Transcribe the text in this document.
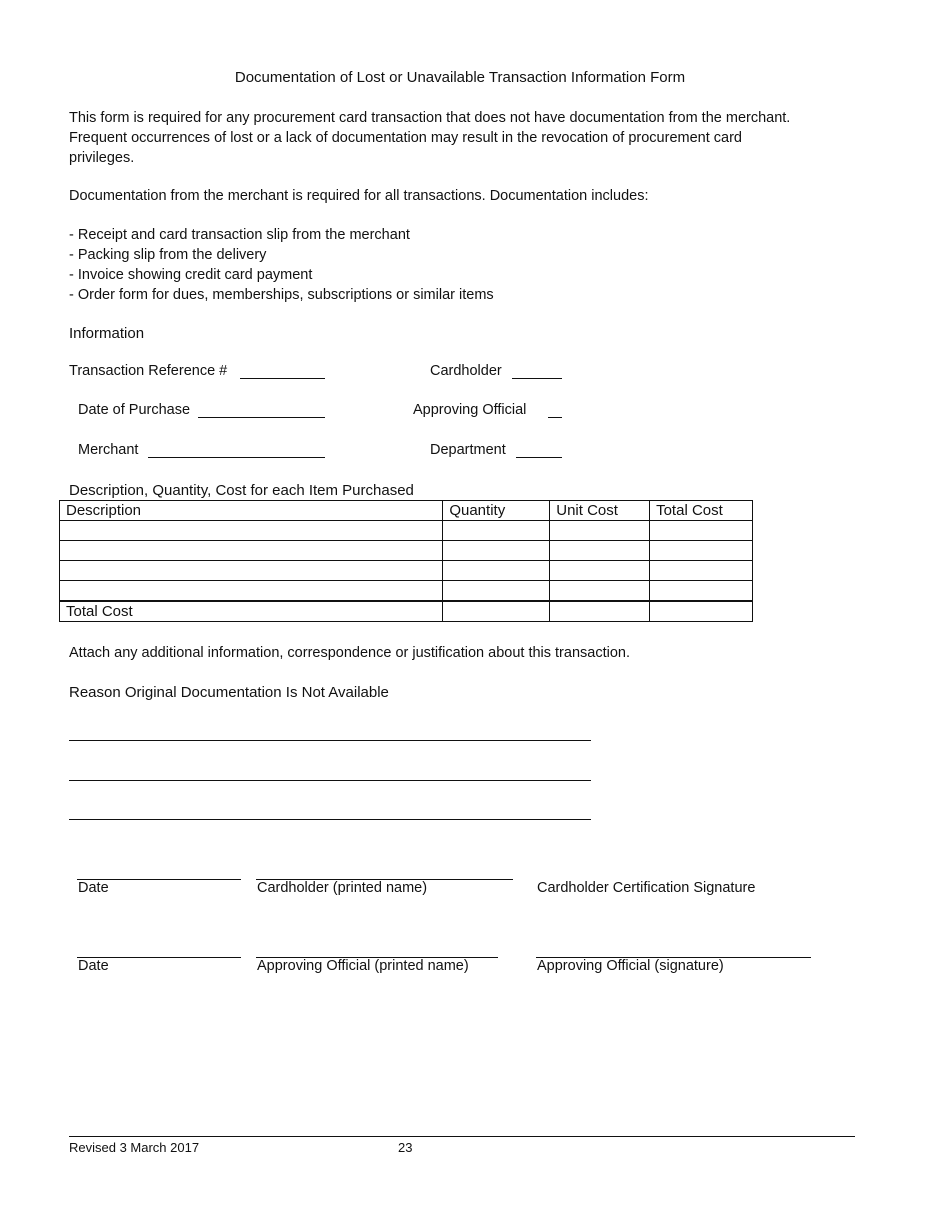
Documentation of Lost or Unavailable Transaction Information Form
This form is required for any procurement card transaction that does not have documentation from the merchant.
Frequent occurrences of lost or a lack of documentation may result in the revocation of procurement card
privileges.
Documentation from the merchant is required for all transactions. Documentation includes:
- Receipt and card transaction slip from the merchant
- Packing slip from the delivery
- Invoice showing credit card payment
- Order form for dues, memberships, subscriptions or similar items
Information
Transaction Reference #	Cardholder
Date of Purchase	Approving Official
Merchant	Department
Description, Quantity, Cost for each Item Purchased
Description	Quantity	Unit Cost	Total Cost

Total Cost			
Attach any additional information, correspondence or justification about this transaction.
Reason Original Documentation Is Not Available
Date	Cardholder (printed name)	Cardholder Certification Signature
Date	Approving Official (printed name)	Approving Official (signature)
Revised 3 March 2017	23
